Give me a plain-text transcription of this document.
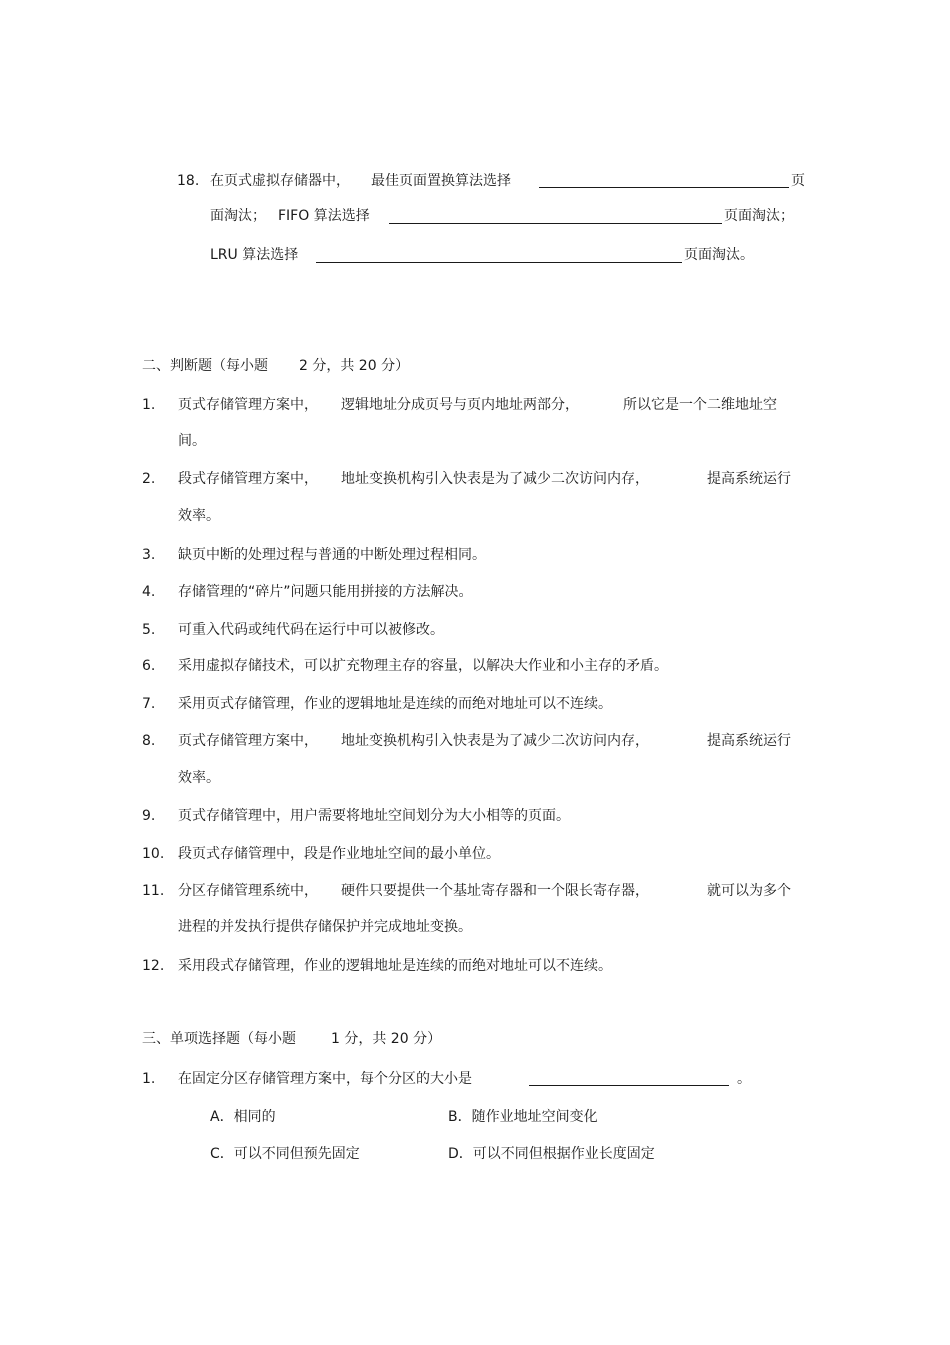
18. 在页式虚拟存储器中， 最佳页面置换算法选择	页
面淘汰； FIFO 算法选择	页面淘汰；
LRU 算法选择	页面淘汰。
二、判断题（每小题 2 分，共 20 分）
1. 页式存储管理方案中， 逻辑地址分成页号与页内地址两部分，	所以它是一个二维地址空
间。
2. 段式存储管理方案中， 地址变换机构引入快表是为了减少二次访问内存，	提高系统运行
效率。
3. 缺页中断的处理过程与普通的中断处理过程相同。
4. 存储管理的“碎片”问题只能用拼接的方法解决。
5. 可重入代码或纯代码在运行中可以被修改。
6. 采用虚拟存储技术，可以扩充物理主存的容量，以解决大作业和小主存的矛盾。
7. 采用页式存储管理，作业的逻辑地址是连续的而绝对地址可以不连续。
8. 页式存储管理方案中， 地址变换机构引入快表是为了减少二次访问内存，	提高系统运行
效率。
9. 页式存储管理中，用户需要将地址空间划分为大小相等的页面。
10. 段页式存储管理中，段是作业地址空间的最小单位。
11. 分区存储管理系统中， 硬件只要提供一个基址寄存器和一个限长寄存器，	就可以为多个
进程的并发执行提供存储保护并完成地址变换。
12. 采用段式存储管理，作业的逻辑地址是连续的而绝对地址可以不连续。
三、单项选择题（每小题	1 分，共 20 分）
1. 在固定分区存储管理方案中，每个分区的大小是	。
A．相同的	B．随作业地址空间变化
C．可以不同但预先固定	D．可以不同但根据作业长度固定
